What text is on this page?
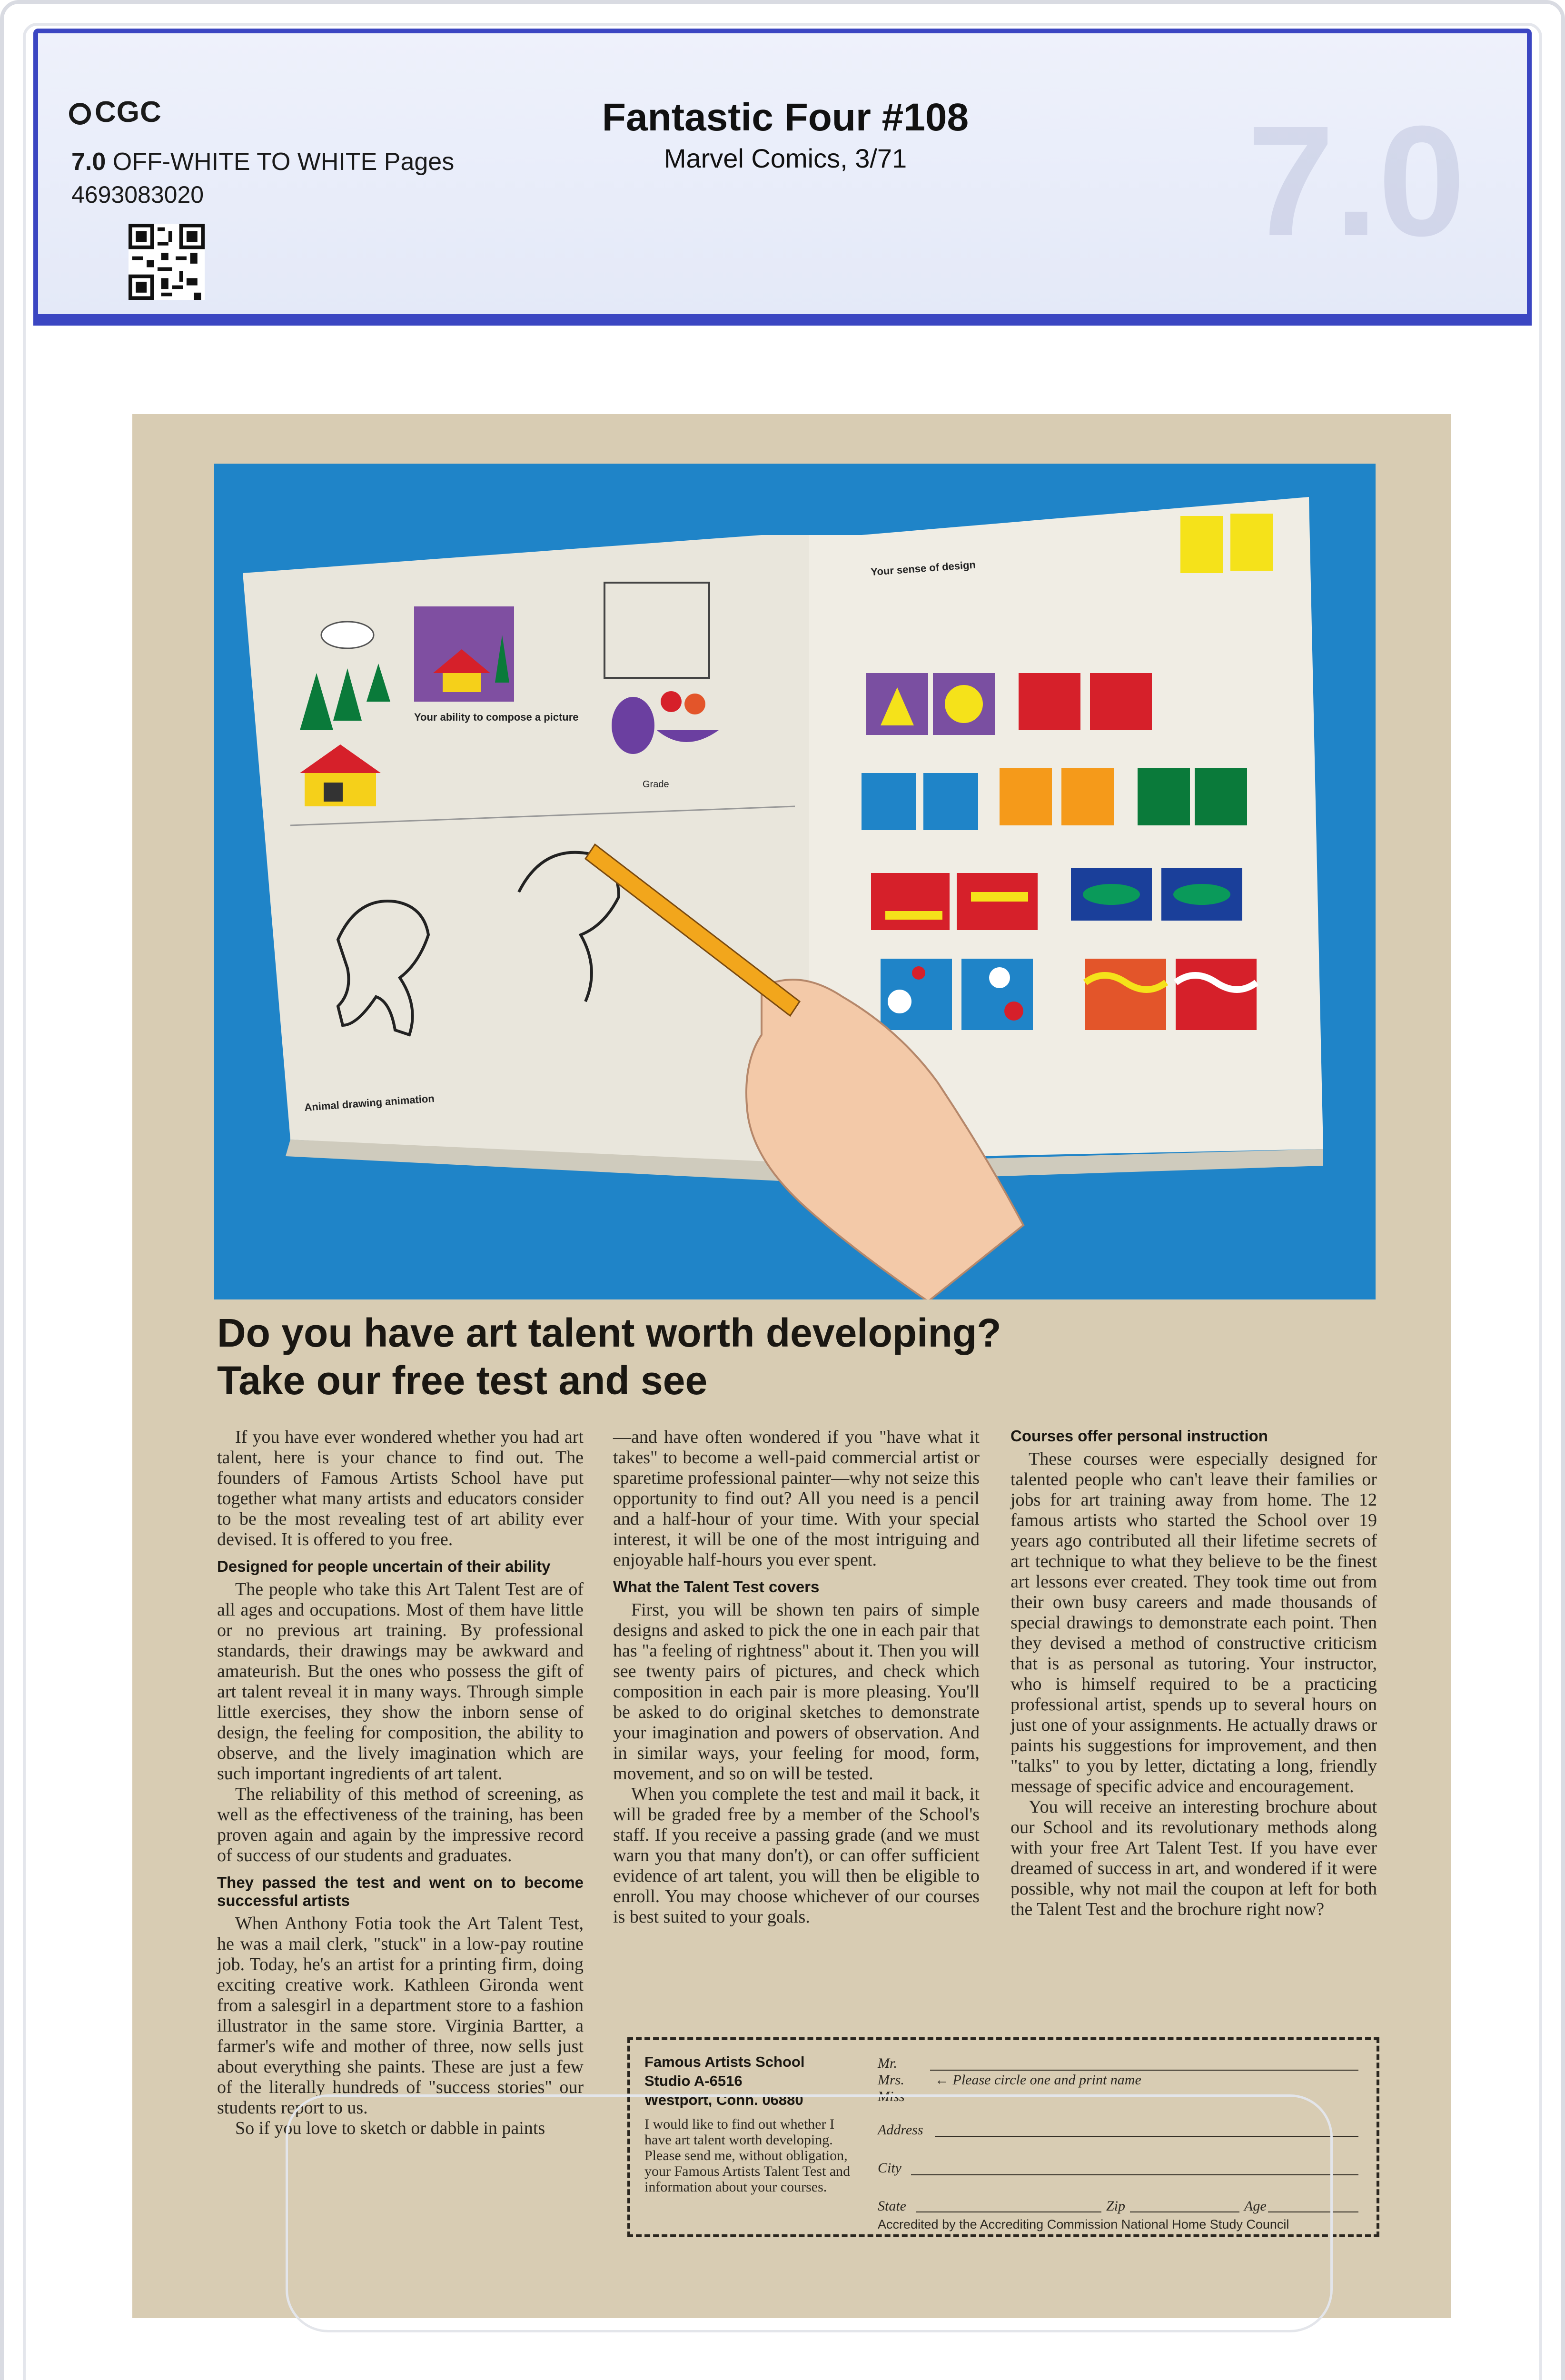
7.0
CGC
7.0 OFF-WHITE TO WHITE Pages
4693083020
Fantastic Four #108
Marvel Comics, 3/71
Your ability to compose a picture
Grade
Animal drawing animation
Your sense of design
Do you have art talent worth developing?
Take our free test and see

If you have ever wondered whether you had art talent, here is your chance to find out. The founders of Famous Artists School have put together what many artists and educators consider to be the most revealing test of art ability ever devised. It is offered to you free.

Designed for people uncertain of their ability

The people who take this Art Talent Test are of all ages and occupations. Most of them have little or no previous art training. By professional standards, their drawings may be awkward and amateurish. But the ones who possess the gift of art talent reveal it in many ways. Through simple little exercises, they show the inborn sense of design, the feeling for composition, the ability to observe, and the lively imagination which are such important ingredients of art talent.

The reliability of this method of screening, as well as the effectiveness of the training, has been proven again and again by the impressive record of success of our students and graduates.

They passed the test and went on to become successful artists

When Anthony Fotia took the Art Talent Test, he was a mail clerk, "stuck" in a low-pay routine job. Today, he's an artist for a printing firm, doing exciting creative work. Kathleen Gironda went from a salesgirl in a department store to a fashion illustrator in the same store. Virginia Bartter, a farmer's wife and mother of three, now sells just about everything she paints. These are just a few of the literally hundreds of "success stories" our students report to us.

So if you love to sketch or dabble in paints

—and have often wondered if you "have what it takes" to become a well-paid commercial artist or sparetime professional painter—why not seize this opportunity to find out? All you need is a pencil and a half-hour of your time. With your special interest, it will be one of the most intriguing and enjoyable half-hours you ever spent.

What the Talent Test covers

First, you will be shown ten pairs of simple designs and asked to pick the one in each pair that has "a feeling of rightness" about it. Then you will see twenty pairs of pictures, and check which composition in each pair is more pleasing. You'll be asked to do original sketches to demonstrate your imagination and powers of observation. And in similar ways, your feeling for mood, form, movement, and so on will be tested.

When you complete the test and mail it back, it will be graded free by a member of the School's staff. If you receive a passing grade (and we must warn you that many don't), or can offer sufficient evidence of art talent, you will then be eligible to enroll. You may choose whichever of our courses is best suited to your goals.

Courses offer personal instruction

These courses were especially designed for talented people who can't leave their families or jobs for art training away from home. The 12 famous artists who started the School over 19 years ago contributed all their lifetime secrets of art technique to what they believe to be the finest art lessons ever created. They took time out from their own busy careers and made thousands of special drawings to demonstrate each point. Then they devised a method of constructive criticism that is as personal as tutoring. Your instructor, who is himself required to be a practicing professional artist, spends up to several hours on just one of your assignments. He actually draws or paints his suggestions for improvement, and then "talks" to you by letter, dictating a long, friendly message of specific advice and encouragement.

You will receive an interesting brochure about our School and its revolutionary methods along with your free Art Talent Test. If you have ever dreamed of success in art, and wondered if it were possible, why not mail the coupon at left for both the Talent Test and the brochure right now?

Famous Artists School
Studio A-6516
Westport, Conn. 06880
I would like to find out whether I have art talent worth developing. Please send me, without obligation, your Famous Artists Talent Test and information about your courses.
Mr.
Mrs.
Miss
← Please circle one and print name
Address
City
State	Zip	Age
Accredited by the Accrediting Commission National Home Study Council
